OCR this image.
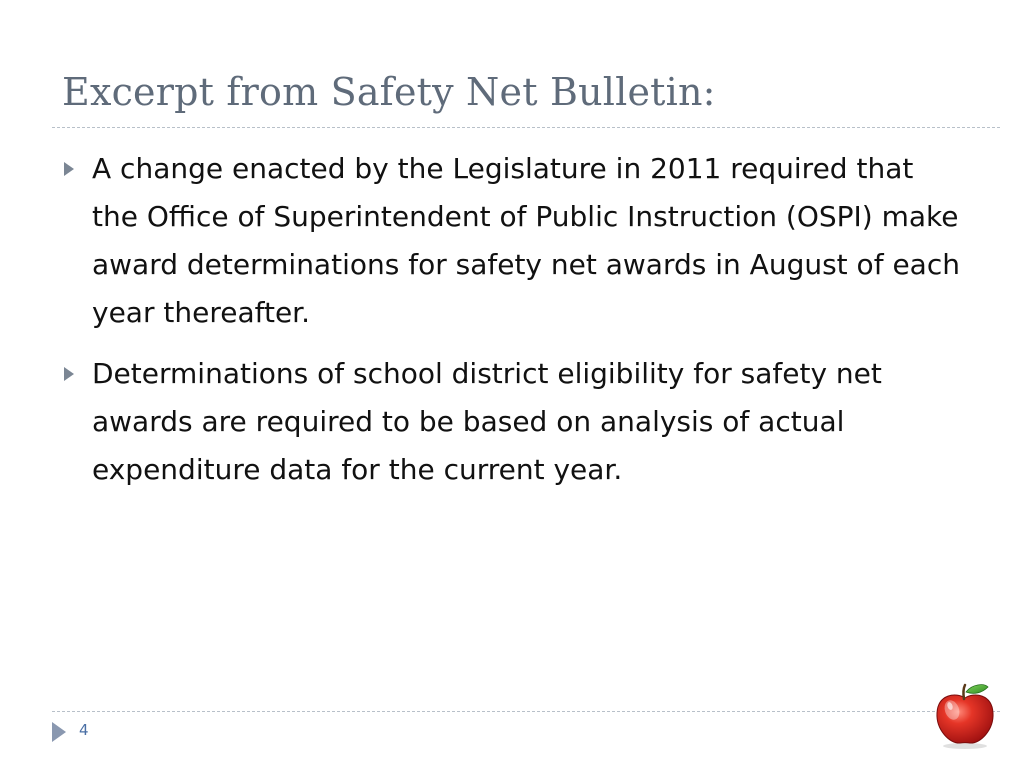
Excerpt from Safety Net Bulletin:
A change enacted by the Legislature in 2011 required that the Office of Superintendent of Public Instruction (OSPI) make award determinations for safety net awards in August of each year thereafter.
Determinations of school district eligibility for safety net awards are required to be based on analysis of actual expenditure data for the current year.
4
